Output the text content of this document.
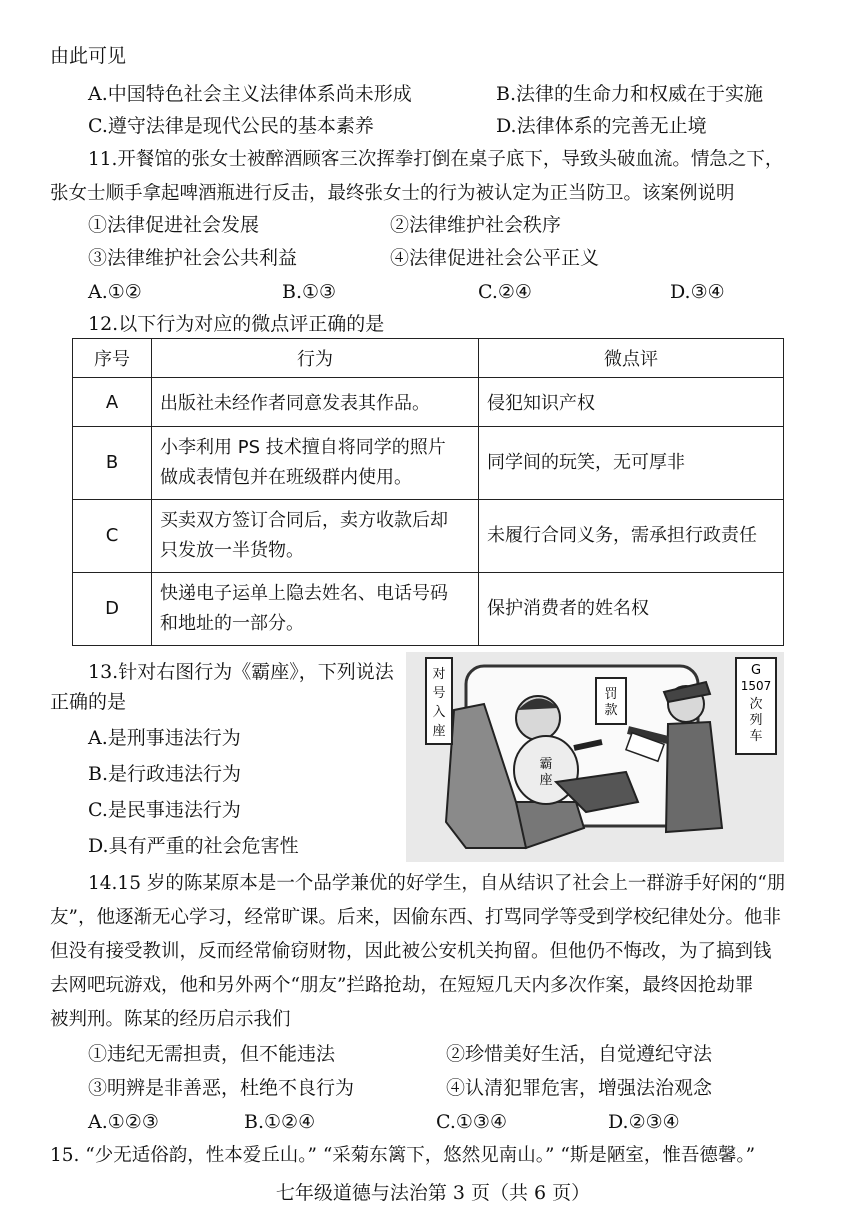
由此可见
A.中国特色社会主义法律体系尚未形成	B.法律的生命力和权威在于实施
C.遵守法律是现代公民的基本素养	D.法律体系的完善无止境
11.开餐馆的张女士被醉酒顾客三次挥拳打倒在桌子底下，导致头破血流。情急之下，
张女士顺手拿起啤酒瓶进行反击，最终张女士的行为被认定为正当防卫。该案例说明
①法律促进社会发展	②法律维护社会秩序
③法律维护社会公共利益	④法律促进社会公平正义
A.①②	B.①③	C.②④	D.③④
12.以下行为对应的微点评正确的是
序号	行为	微点评
A	出版社未经作者同意发表其作品。	侵犯知识产权
B	小李利用 PS 技术擅自将同学的照片
做成表情包并在班级群内使用。	同学间的玩笑，无可厚非
C	买卖双方签订合同后，卖方收款后却
只发放一半货物。	未履行合同义务，需承担行政责任
D	快递电子运单上隐去姓名、电话号码
和地址的一部分。	保护消费者的姓名权
13.针对右图行为《霸座》，下列说法
正确的是
A.是刑事违法行为
B.是行政违法行为
C.是民事违法行为
D.具有严重的社会危害性
对号入座
G
1507
次列车
罚款
霸座
14.15 岁的陈某原本是一个品学兼优的好学生，自从结识了社会上一群游手好闲的“朋
友”，他逐渐无心学习，经常旷课。后来，因偷东西、打骂同学等受到学校纪律处分。他非
但没有接受教训，反而经常偷窃财物，因此被公安机关拘留。但他仍不悔改，为了搞到钱
去网吧玩游戏，他和另外两个“朋友”拦路抢劫，在短短几天内多次作案，最终因抢劫罪
被判刑。陈某的经历启示我们
①违纪无需担责，但不能违法	②珍惜美好生活，自觉遵纪守法
③明辨是非善恶，杜绝不良行为	④认清犯罪危害，增强法治观念
A.①②③	B.①②④	C.①③④	D.②③④
15. “少无适俗韵，性本爱丘山。” “采菊东篱下，悠然见南山。” “斯是陋室，惟吾德馨。”
七年级道德与法治第 3 页（共 6 页）
